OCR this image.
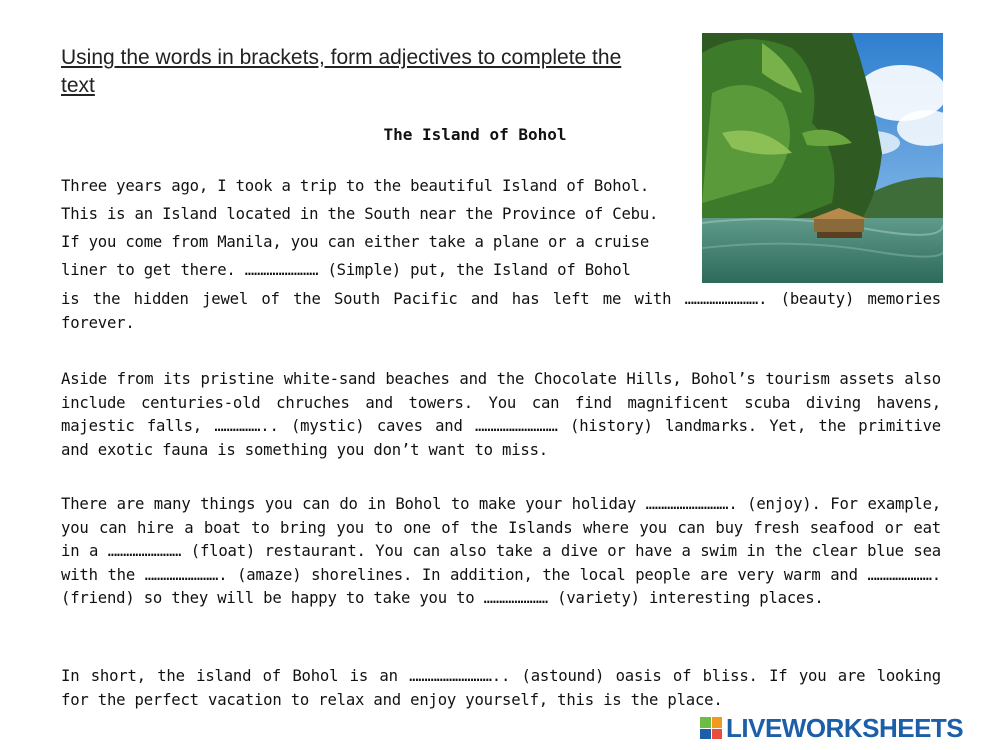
Using the words in brackets, form adjectives to complete the text
The Island of Bohol
Three years ago, I took a trip to the beautiful Island of Bohol.
This is an Island located in the South near the Province of Cebu.
If you come from Manila, you can either take a plane or a cruise
liner to get there. …………………… (Simple) put, the Island of Bohol

is the hidden jewel of the South Pacific and has left me with ……………………. (beauty) memories forever.

Aside from its pristine white-sand beaches and the Chocolate Hills, Bohol’s tourism assets also include centuries-old chruches and towers. You can find magnificent scuba diving havens, majestic falls, …………….. (mystic) caves and ……………………… (history) landmarks. Yet, the primitive and exotic fauna is something you don’t want to miss.

There are many things you can do in Bohol to make your holiday ………………………. (enjoy). For example, you can hire a boat to bring you to one of the Islands where you can buy fresh seafood or eat in a …………………… (float) restaurant. You can also take a dive or have a swim in the clear blue sea with the ……………………. (amaze) shorelines. In addition, the local people are very warm and …………………. (friend) so they will be happy to take you to ………………… (variety) interesting places.

In short, the island of Bohol is an ……………………….. (astound) oasis of bliss. If you are looking for the perfect vacation to relax and enjoy yourself, this is the place.

LIVEWORKSHEETS
